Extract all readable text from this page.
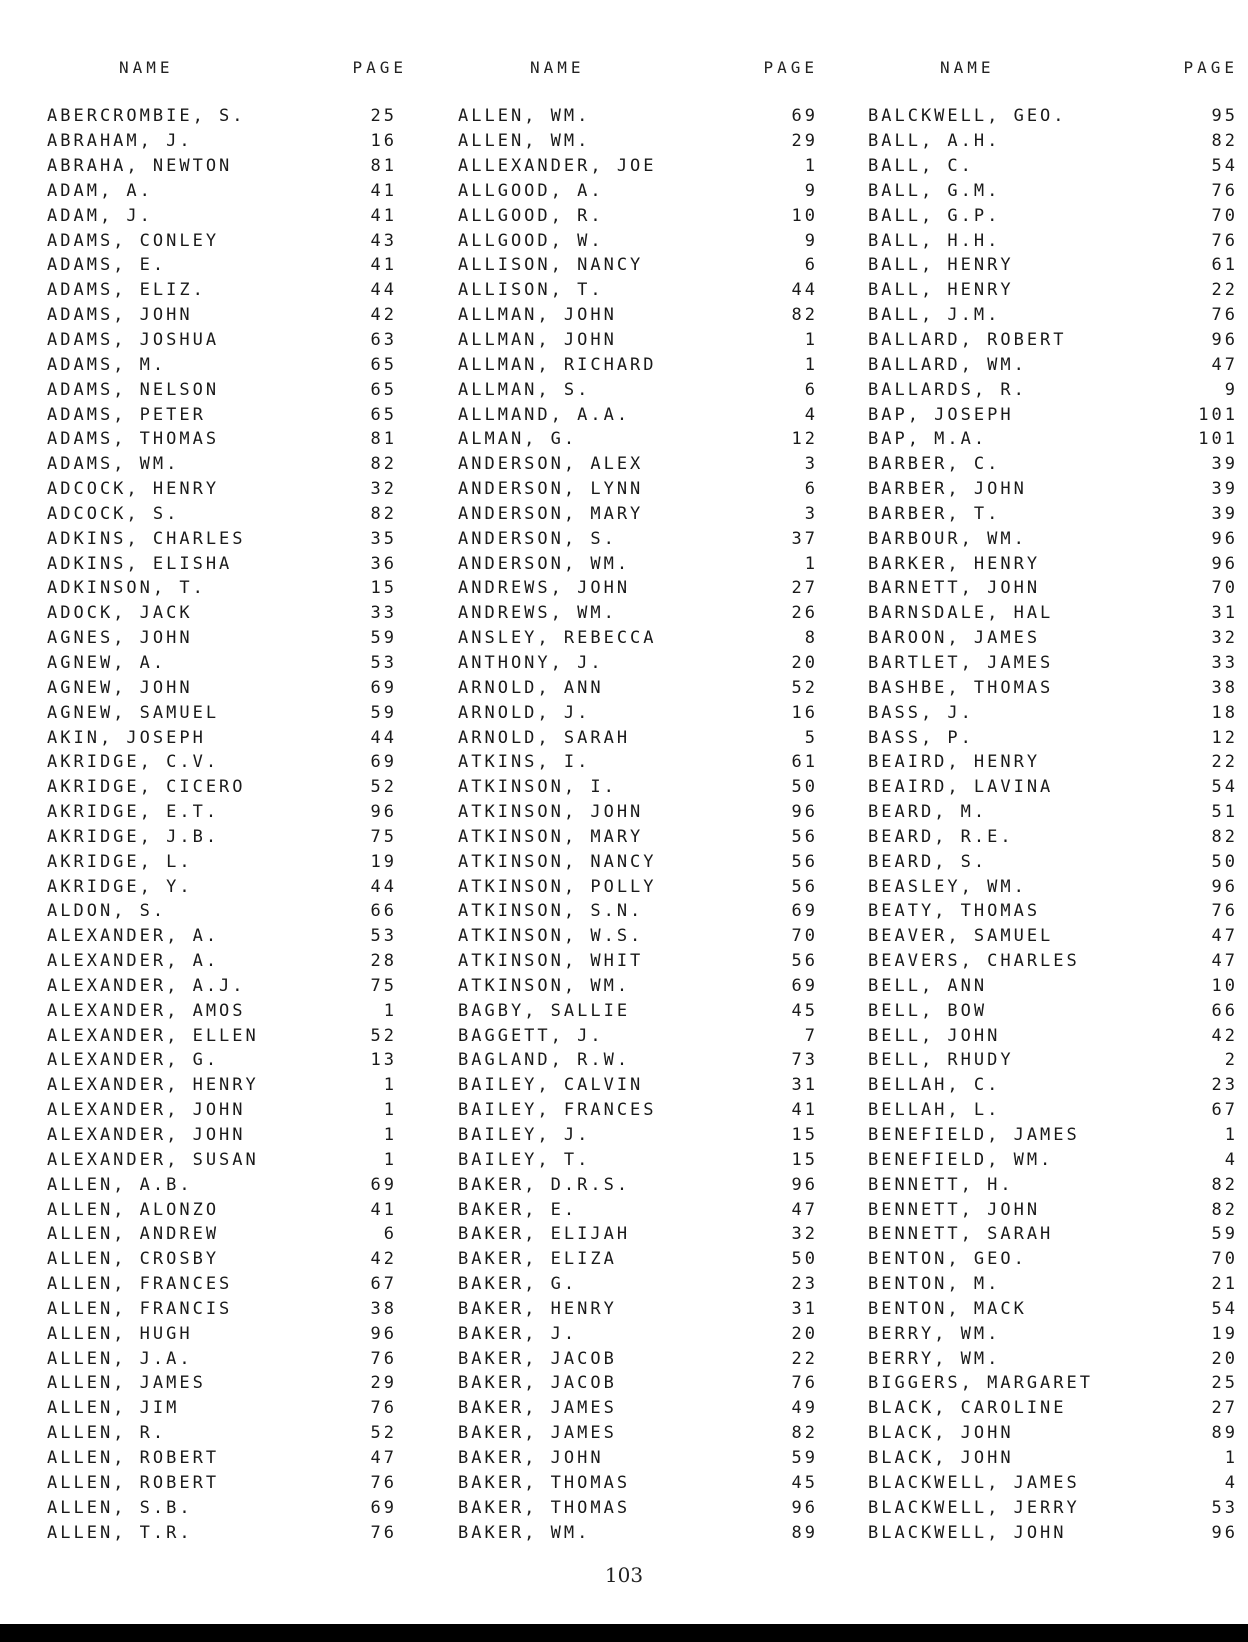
NAME	PAGE
ABERCROMBIE, S.	25
ABRAHAM, J.	16
ABRAHA, NEWTON	81
ADAM, A.	41
ADAM, J.	41
ADAMS, CONLEY	43
ADAMS, E.	41
ADAMS, ELIZ.	44
ADAMS, JOHN	42
ADAMS, JOSHUA	63
ADAMS, M.	65
ADAMS, NELSON	65
ADAMS, PETER	65
ADAMS, THOMAS	81
ADAMS, WM.	82
ADCOCK, HENRY	32
ADCOCK, S.	82
ADKINS, CHARLES	35
ADKINS, ELISHA	36
ADKINSON, T.	15
ADOCK, JACK	33
AGNES, JOHN	59
AGNEW, A.	53
AGNEW, JOHN	69
AGNEW, SAMUEL	59
AKIN, JOSEPH	44
AKRIDGE, C.V.	69
AKRIDGE, CICERO	52
AKRIDGE, E.T.	96
AKRIDGE, J.B.	75
AKRIDGE, L.	19
AKRIDGE, Y.	44
ALDON, S.	66
ALEXANDER, A.	53
ALEXANDER, A.	28
ALEXANDER, A.J.	75
ALEXANDER, AMOS	1
ALEXANDER, ELLEN	52
ALEXANDER, G.	13
ALEXANDER, HENRY	1
ALEXANDER, JOHN	1
ALEXANDER, JOHN	1
ALEXANDER, SUSAN	1
ALLEN, A.B.	69
ALLEN, ALONZO	41
ALLEN, ANDREW	6
ALLEN, CROSBY	42
ALLEN, FRANCES	67
ALLEN, FRANCIS	38
ALLEN, HUGH	96
ALLEN, J.A.	76
ALLEN, JAMES	29
ALLEN, JIM	76
ALLEN, R.	52
ALLEN, ROBERT	47
ALLEN, ROBERT	76
ALLEN, S.B.	69
ALLEN, T.R.	76
NAME	PAGE
ALLEN, WM.	69
ALLEN, WM.	29
ALLEXANDER, JOE	1
ALLGOOD, A.	9
ALLGOOD, R.	10
ALLGOOD, W.	9
ALLISON, NANCY	6
ALLISON, T.	44
ALLMAN, JOHN	82
ALLMAN, JOHN	1
ALLMAN, RICHARD	1
ALLMAN, S.	6
ALLMAND, A.A.	4
ALMAN, G.	12
ANDERSON, ALEX	3
ANDERSON, LYNN	6
ANDERSON, MARY	3
ANDERSON, S.	37
ANDERSON, WM.	1
ANDREWS, JOHN	27
ANDREWS, WM.	26
ANSLEY, REBECCA	8
ANTHONY, J.	20
ARNOLD, ANN	52
ARNOLD, J.	16
ARNOLD, SARAH	5
ATKINS, I.	61
ATKINSON, I.	50
ATKINSON, JOHN	96
ATKINSON, MARY	56
ATKINSON, NANCY	56
ATKINSON, POLLY	56
ATKINSON, S.N.	69
ATKINSON, W.S.	70
ATKINSON, WHIT	56
ATKINSON, WM.	69
BAGBY, SALLIE	45
BAGGETT, J.	7
BAGLAND, R.W.	73
BAILEY, CALVIN	31
BAILEY, FRANCES	41
BAILEY, J.	15
BAILEY, T.	15
BAKER, D.R.S.	96
BAKER, E.	47
BAKER, ELIJAH	32
BAKER, ELIZA	50
BAKER, G.	23
BAKER, HENRY	31
BAKER, J.	20
BAKER, JACOB	22
BAKER, JACOB	76
BAKER, JAMES	49
BAKER, JAMES	82
BAKER, JOHN	59
BAKER, THOMAS	45
BAKER, THOMAS	96
BAKER, WM.	89
NAME	PAGE
BALCKWELL, GEO.	95
BALL, A.H.	82
BALL, C.	54
BALL, G.M.	76
BALL, G.P.	70
BALL, H.H.	76
BALL, HENRY	61
BALL, HENRY	22
BALL, J.M.	76
BALLARD, ROBERT	96
BALLARD, WM.	47
BALLARDS, R.	9
BAP, JOSEPH	101
BAP, M.A.	101
BARBER, C.	39
BARBER, JOHN	39
BARBER, T.	39
BARBOUR, WM.	96
BARKER, HENRY	96
BARNETT, JOHN	70
BARNSDALE, HAL	31
BAROON, JAMES	32
BARTLET, JAMES	33
BASHBE, THOMAS	38
BASS, J.	18
BASS, P.	12
BEAIRD, HENRY	22
BEAIRD, LAVINA	54
BEARD, M.	51
BEARD, R.E.	82
BEARD, S.	50
BEASLEY, WM.	96
BEATY, THOMAS	76
BEAVER, SAMUEL	47
BEAVERS, CHARLES	47
BELL, ANN	10
BELL, BOW	66
BELL, JOHN	42
BELL, RHUDY	2
BELLAH, C.	23
BELLAH, L.	67
BENEFIELD, JAMES	1
BENEFIELD, WM.	4
BENNETT, H.	82
BENNETT, JOHN	82
BENNETT, SARAH	59
BENTON, GEO.	70
BENTON, M.	21
BENTON, MACK	54
BERRY, WM.	19
BERRY, WM.	20
BIGGERS, MARGARET	25
BLACK, CAROLINE	27
BLACK, JOHN	89
BLACK, JOHN	1
BLACKWELL, JAMES	4
BLACKWELL, JERRY	53
BLACKWELL, JOHN	96
103
